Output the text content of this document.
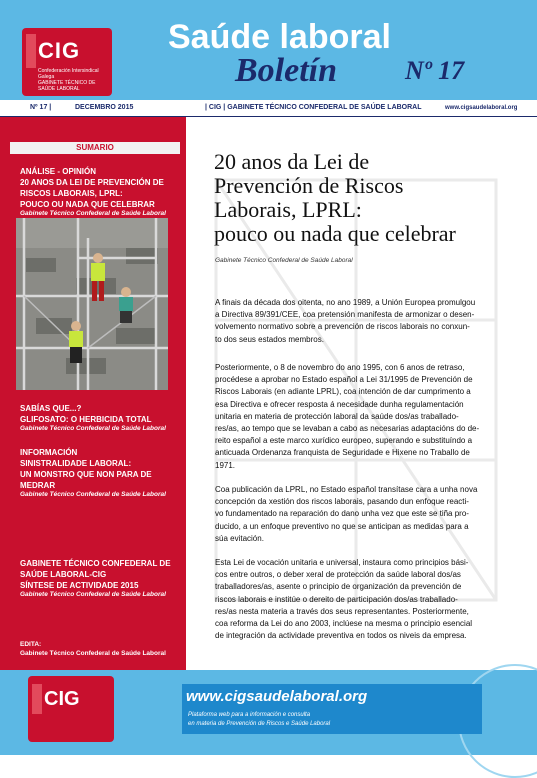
CIG
Confederación Intersindical Galega
GABINETE TÉCNICO DE SAÚDE LABORAL
Saúde laboral
Boletín	Nº 17
Nº 17 |	DECEMBRO 2015	| CIG | GABINETE TÉCNICO CONFEDERAL DE SAÚDE LABORAL	www.cigsaudelaboral.org
SUMARIO
ANÁLISE - OPINIÓN
20 ANOS DA LEI DE PREVENCIÓN DE
RISCOS LABORAIS, LPRL:
POUCO OU NADA QUE CELEBRAR
Gabinete Técnico Confederal de Saúde Laboral
SABÍAS QUE...?
GLIFOSATO: O HERBICIDA TOTAL
Gabinete Técnico Confederal de Saúde Laboral
INFORMACIÓN
SINISTRALIDADE LABORAL:
UN MONSTRO QUE NON PARA DE
MEDRAR
Gabinete Técnico Confederal de Saúde Laboral
GABINETE TÉCNICO CONFEDERAL DE
SAÚDE LABORAL-CIG
SÍNTESE DE ACTIVIDADE 2015
Gabinete Técnico Confederal de Saúde Laboral
EDITA:
Gabinete Técnico Confederal de Saúde Laboral
20 anos da Lei de
Prevención de Riscos
Laborais, LPRL:
pouco ou nada que celebrar
Gabinete Técnico Confederal de Saúde Laboral

A finais da década dos oitenta, no ano 1989, a Unión Europea promulgou

a Directiva 89/391/CEE, coa pretensión manifesta de armonizar o desen-

volvemento normativo sobre a prevención de riscos laborais no conxun-

to dos seus estados membros.

Posteriormente, o 8 de novembro do ano 1995, con 6 anos de retraso,

procédese a aprobar no Estado español a Lei 31/1995 de Prevención de

Riscos Laborais (en adiante LPRL), coa intención de dar cumprimento a

esa Directiva e ofrecer resposta á necesidade dunha regulamentación

unitaria en materia de protección laboral da saúde dos/as traballado-

res/as, ao tempo que se levaban a cabo as necesarias adaptacións do de-

reito español a este marco xurídico europeo, superando e substituíndo a

anticuada Ordenanza franquista de Seguridade e Hixene no Traballo de

1971.

Coa publicación da LPRL, no Estado español transítase cara a unha nova

concepción da xestión dos riscos laborais, pasando dun enfoque reacti-

vo fundamentado na reparación do dano unha vez que este se tiña pro-

ducido, a un enfoque preventivo no que se anticipan as medidas para a

súa evitación.

Esta Lei de vocación unitaria e universal, instaura como principios bási-

cos entre outros, o deber xeral de protección da saúde laboral dos/as

traballadores/as, asente o principio de organización da prevención de

riscos laborais e institúe o dereito de participación dos/as traballado-

res/as nesta materia a través dos seus representantes. Posteriormente,

coa reforma da Lei do ano 2003, inclúese na mesma o principio esencial

de integración da actividade preventiva en todos os niveis da empresa.

CIG	www.cigsaudelaboral.org
Plataforma web para a información e consulta
en materia de Prevención de Riscos e Saúde Laboral
